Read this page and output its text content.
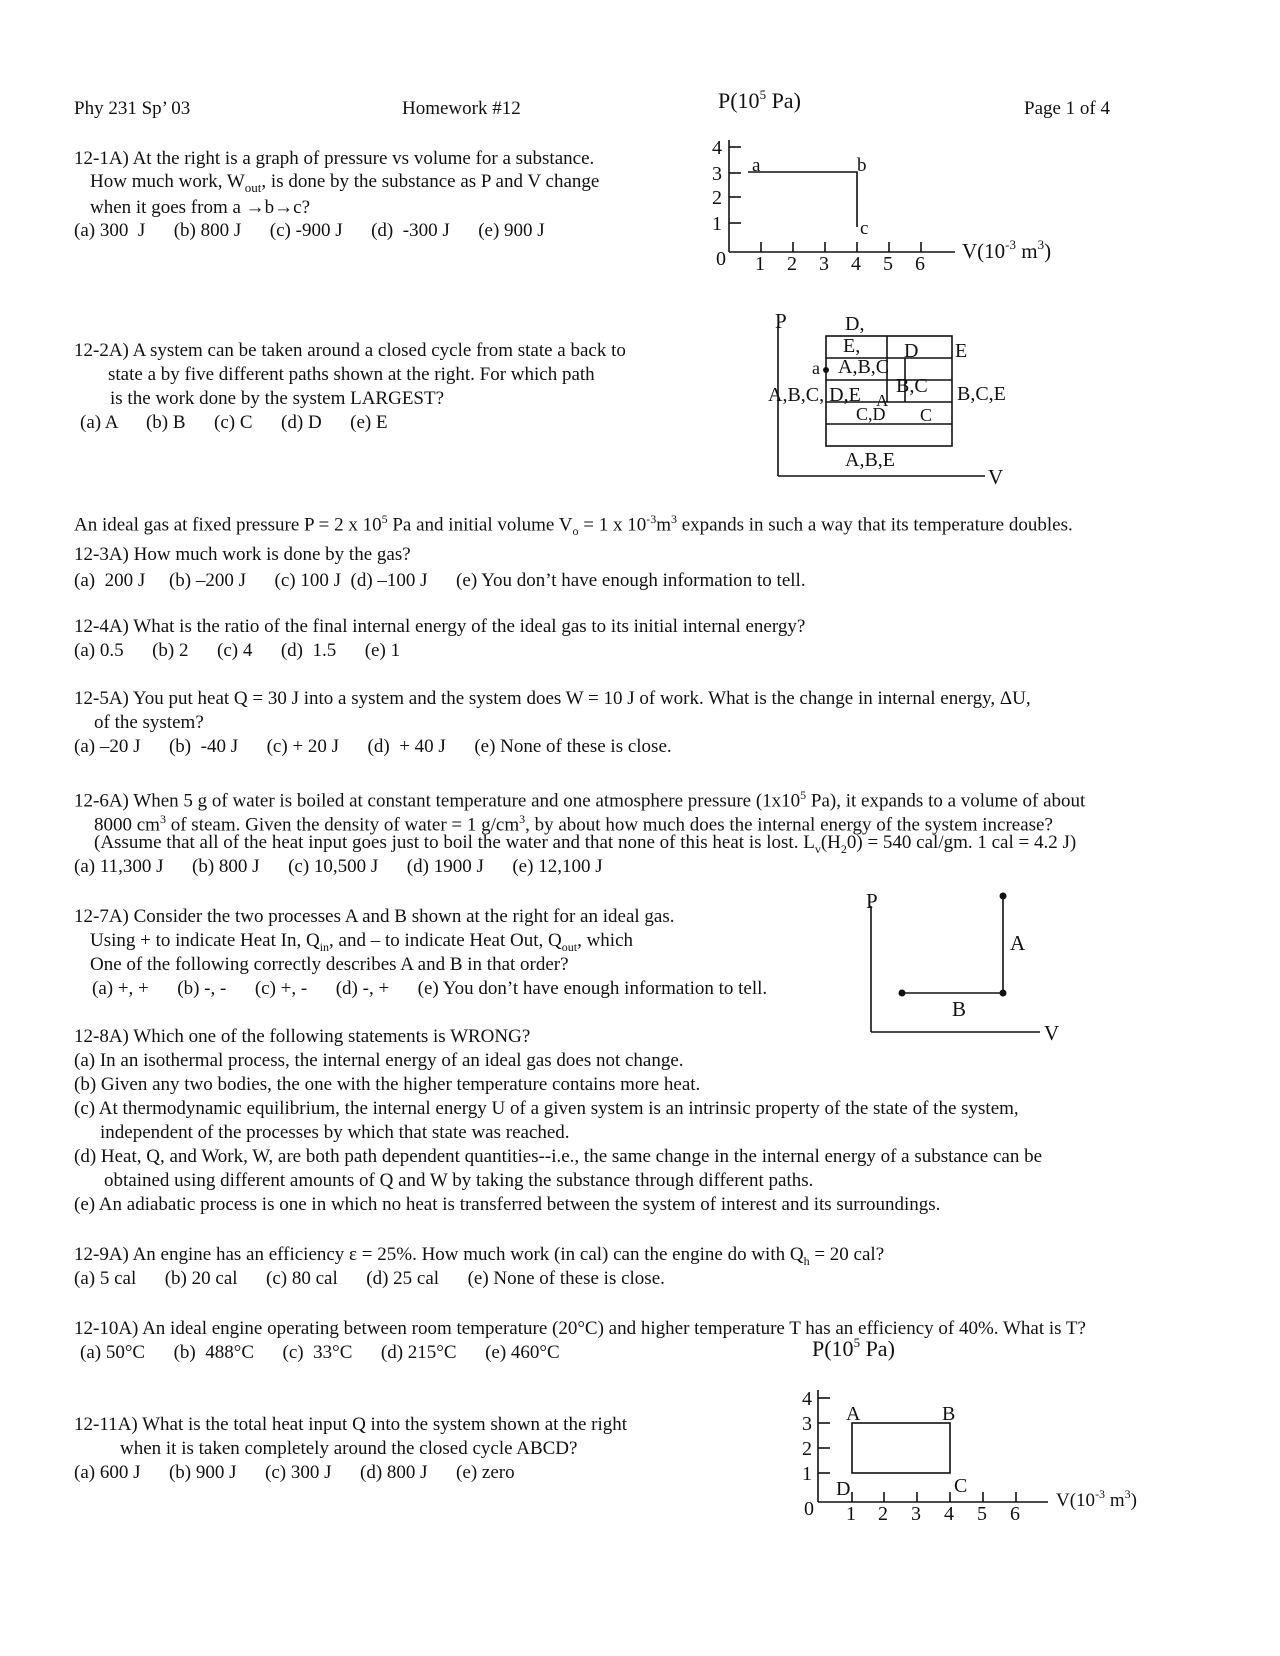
Phy 231 Sp’ 03	Homework #12	Page 1 of 4
12-1A) At the right is a graph of pressure vs volume for a substance.
How much work, $W_{out}$, is done by the substance as P and V change
when it goes from a →b→c?
(a) 300  J      (b) 800 J      (c) -900 J      (d)  -300 J      (e) 900 J
12-2A) A system can be taken around a closed cycle from state a back to
state a by five different paths shown at the right. For which path
is the work done by the system LARGEST?
(a) A      (b) B      (c) C      (d) D      (e) E
An ideal gas at fixed pressure P = 2 x $10^5$ Pa and initial volume $V_o = 1$ x $10^{-3}m^3$ expands in such a way that its temperature doubles.
12-3A) How much work is done by the gas?
(a)  200 J     (b) –200 J      (c) 100 J  (d) –100 J      (e) You don’t have enough information to tell.
12-4A) What is the ratio of the final internal energy of the ideal gas to its initial internal energy?
(a) 0.5      (b) 2      (c) 4      (d)  1.5      (e) 1
12-5A) You put heat Q = 30 J into a system and the system does W = 10 J of work. What is the change in internal energy, ΔU,
of the system?
(a) –20 J      (b)  -40 J      (c) + 20 J      (d)  + 40 J      (e) None of these is close.
12-6A) When 5 g of water is boiled at constant temperature and one atmosphere pressure ($1x10^5$ Pa), it expands to a volume of about
8000 $cm^3$ of steam. Given the density of water = 1 $g/cm^3$, by about how much does the internal energy of the system increase?
(Assume that all of the heat input goes just to boil the water and that none of this heat is lost. $L_v(H_20) = 540$ cal/gm. 1 cal = 4.2 J)
(a) 11,300 J      (b) 800 J      (c) 10,500 J      (d) 1900 J      (e) 12,100 J
12-7A) Consider the two processes A and B shown at the right for an ideal gas.
Using + to indicate Heat In, $Q_{in}$, and – to indicate Heat Out, $Q_{out}$, which
One of the following correctly describes A and B in that order?
(a) +, +      (b) -, -      (c) +, -      (d) -, +      (e) You don’t have enough information to tell.
12-8A) Which one of the following statements is WRONG?
(a) In an isothermal process, the internal energy of an ideal gas does not change.
(b) Given any two bodies, the one with the higher temperature contains more heat.
(c) At thermodynamic equilibrium, the internal energy U of a given system is an intrinsic property of the state of the system,
independent of the processes by which that state was reached.
(d) Heat, Q, and Work, W, are both path dependent quantities--i.e., the same change in the internal energy of a substance can be
obtained using different amounts of Q and W by taking the substance through different paths.
(e) An adiabatic process is one in which no heat is transferred between the system of interest and its surroundings.
12-9A) An engine has an efficiency ε = 25%. How much work (in cal) can the engine do with $Q_h = 20$ cal?
(a) 5 cal      (b) 20 cal      (c) 80 cal      (d) 25 cal      (e) None of these is close.
12-10A) An ideal engine operating between room temperature (20°C) and higher temperature T has an efficiency of 40%. What is T?
(a) 50°C      (b)  488°C      (c)  33°C      (d) 215°C      (e) 460°C
12-11A) What is the total heat input Q into the system shown at the right
when it is taken completely around the closed cycle ABCD?
(a) 600 J      (b) 900 J      (c) 300 J      (d) 800 J      (e) zero
$P(10^5$ Pa)
4
3
2
1
0 1 2 3 4 5 6
$V(10^{-3}$ $m^3$)
a	b
c
P
V
D,
E,
a A,B,C
D E
A,B,C, D,E A
B,C B,C,E
C,D C
A,B,E
P
V
A
B
$P(10^5$ Pa)
4
3
2
1
0 1 2 3 4 5 6
$V(10^{-3}$ $m^3$)
A	B
C
D
